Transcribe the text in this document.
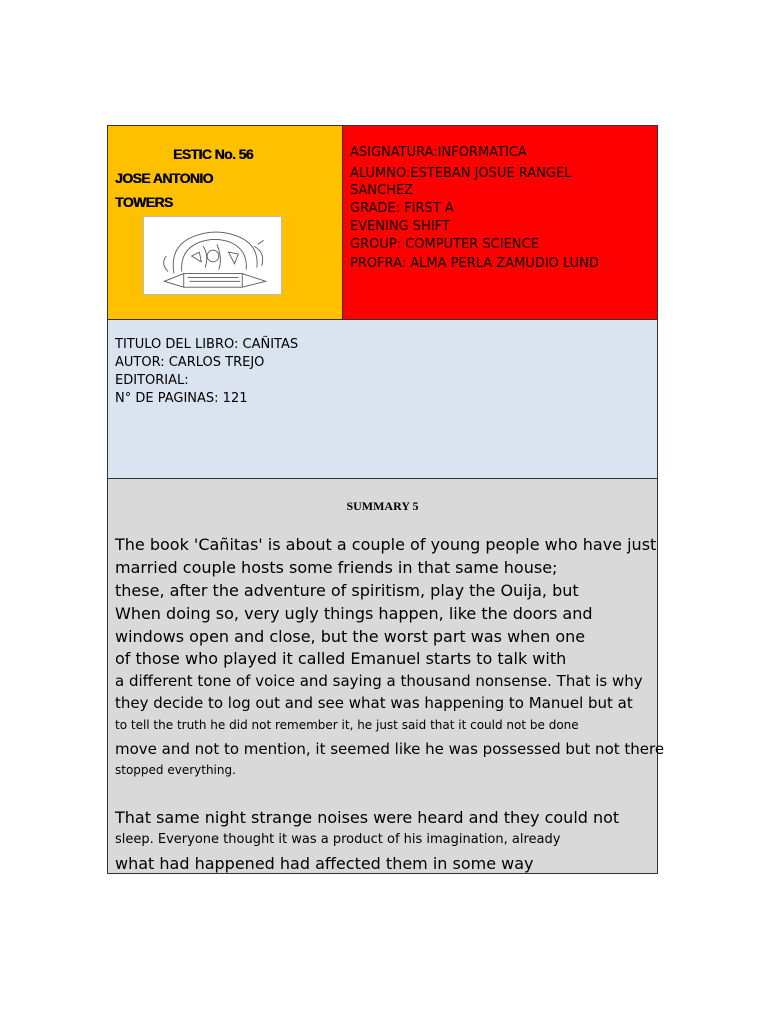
ESTIC No. 56
JOSE ANTONIO
TOWERS
ASIGNATURA:INFORMATICA
ALUMNO:ESTEBAN JOSUE RANGEL
SANCHEZ
GRADE: FIRST A
EVENING SHIFT
GROUP: COMPUTER SCIENCE
PROFRA: ALMA PERLA ZAMUDIO LUND
TITULO DEL LIBRO: CAÑITAS
AUTOR: CARLOS TREJO
EDITORIAL:
N° DE PAGINAS: 121
SUMMARY 5
The book 'Cañitas' is about a couple of young people who have just
married couple hosts some friends in that same house;
these, after the adventure of spiritism, play the Ouija, but
When doing so, very ugly things happen, like the doors and
windows open and close, but the worst part was when one
of those who played it called Emanuel starts to talk with
a different tone of voice and saying a thousand nonsense. That is why
they decide to log out and see what was happening to Manuel but at
to tell the truth he did not remember it, he just said that it could not be done
move and not to mention, it seemed like he was possessed but not there
stopped everything.
That same night strange noises were heard and they could not
sleep. Everyone thought it was a product of his imagination, already
what had happened had affected them in some way
